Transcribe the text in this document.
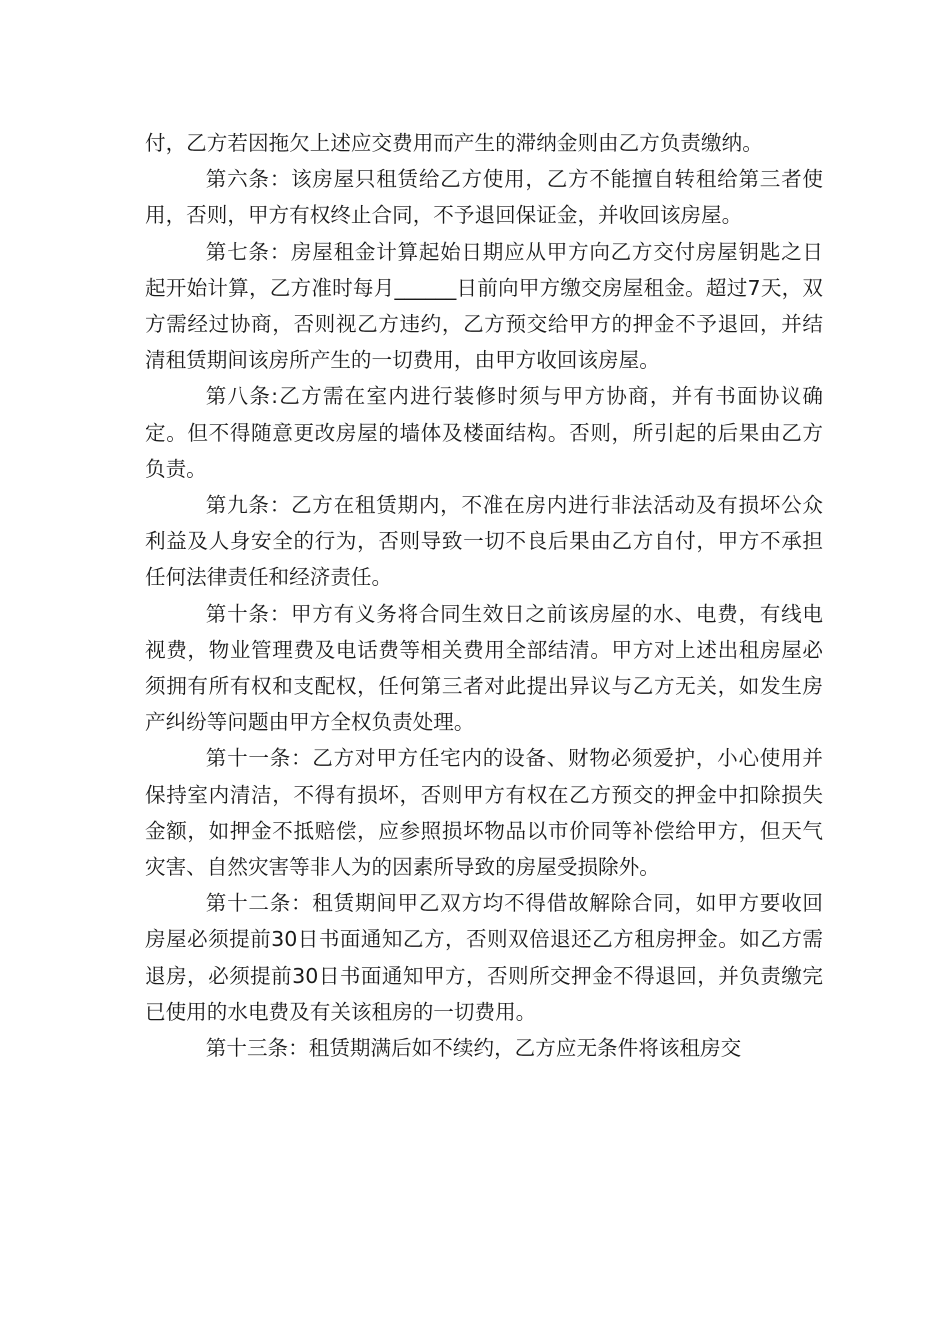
付，乙方若因拖欠上述应交费用而产生的滞纳金则由乙方负责缴纳。

第六条：该房屋只租赁给乙方使用，乙方不能擅自转租给第三者使用，否则，甲方有权终止合同，不予退回保证金，并收回该房屋。

第七条：房屋租金计算起始日期应从甲方向乙方交付房屋钥匙之日起开始计算，乙方准时每月______日前向甲方缴交房屋租金。超过7天，双方需经过协商，否则视乙方违约，乙方预交给甲方的押金不予退回，并结清租赁期间该房所产生的一切费用，由甲方收回该房屋。

第八条:乙方需在室内进行装修时须与甲方协商，并有书面协议确定。但不得随意更改房屋的墙体及楼面结构。否则，所引起的后果由乙方负责。

第九条：乙方在租赁期内，不准在房内进行非法活动及有损坏公众利益及人身安全的行为，否则导致一切不良后果由乙方自付，甲方不承担任何法律责任和经济责任。

第十条：甲方有义务将合同生效日之前该房屋的水、电费，有线电视费，物业管理费及电话费等相关费用全部结清。甲方对上述出租房屋必须拥有所有权和支配权，任何第三者对此提出异议与乙方无关，如发生房产纠纷等问题由甲方全权负责处理。

第十一条：乙方对甲方任宅内的设备、财物必须爱护，小心使用并保持室内清洁，不得有损坏，否则甲方有权在乙方预交的押金中扣除损失金额，如押金不抵赔偿，应参照损坏物品以市价同等补偿给甲方，但天气灾害、自然灾害等非人为的因素所导致的房屋受损除外。

第十二条：租赁期间甲乙双方均不得借故解除合同，如甲方要收回房屋必须提前30日书面通知乙方，否则双倍退还乙方租房押金。如乙方需退房，必须提前30日书面通知甲方，否则所交押金不得退回，并负责缴完已使用的水电费及有关该租房的一切费用。

第十三条：租赁期满后如不续约，乙方应无条件将该租房交
